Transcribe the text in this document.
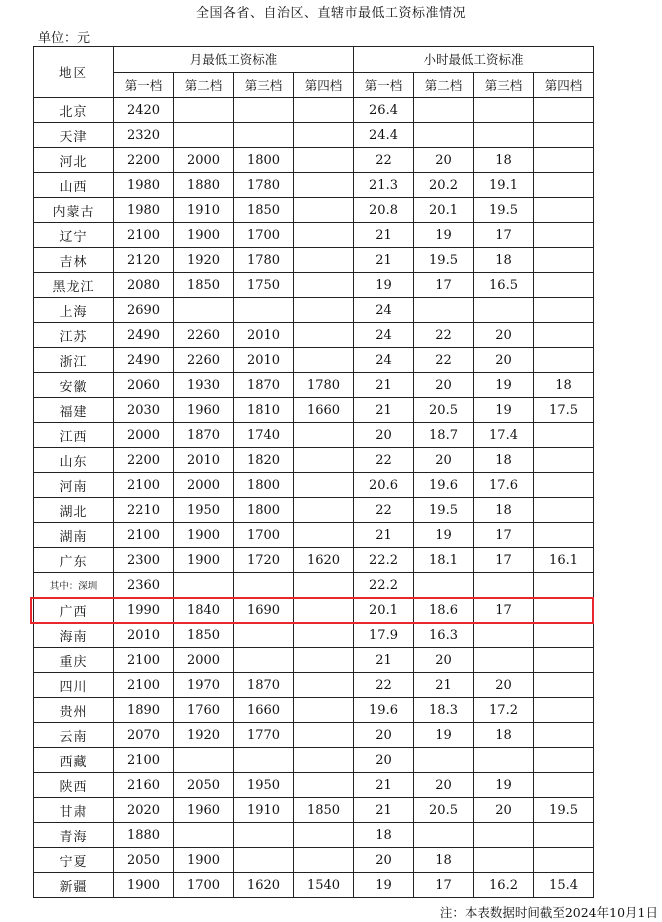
全国各省、自治区、直辖市最低工资标准情况
单位：元
地区	月最低工资标准				小时最低工资标准			
	第一档	第二档	第三档	第四档	第一档	第二档	第三档	第四档
北京	2420				26.4			
天津	2320				24.4			
河北	2200	2000	1800		22	20	18	
山西	1980	1880	1780		21.3	20.2	19.1	
内蒙古	1980	1910	1850		20.8	20.1	19.5	
辽宁	2100	1900	1700		21	19	17	
吉林	2120	1920	1780		21	19.5	18	
黑龙江	2080	1850	1750		19	17	16.5	
上海	2690				24			
江苏	2490	2260	2010		24	22	20	
浙江	2490	2260	2010		24	22	20	
安徽	2060	1930	1870	1780	21	20	19	18
福建	2030	1960	1810	1660	21	20.5	19	17.5
江西	2000	1870	1740		20	18.7	17.4	
山东	2200	2010	1820		22	20	18	
河南	2100	2000	1800		20.6	19.6	17.6	
湖北	2210	1950	1800		22	19.5	18	
湖南	2100	1900	1700		21	19	17	
广东	2300	1900	1720	1620	22.2	18.1	17	16.1
其中：深圳	2360				22.2			
广西	1990	1840	1690		20.1	18.6	17	
海南	2010	1850			17.9	16.3		
重庆	2100	2000			21	20		
四川	2100	1970	1870		22	21	20	
贵州	1890	1760	1660		19.6	18.3	17.2	
云南	2070	1920	1770		20	19	18	
西藏	2100				20			
陕西	2160	2050	1950		21	20	19	
甘肃	2020	1960	1910	1850	21	20.5	20	19.5
青海	1880				18			
宁夏	2050	1900			20	18		
新疆	1900	1700	1620	1540	19	17	16.2	15.4
注：本表数据时间截至2024年10月1日
